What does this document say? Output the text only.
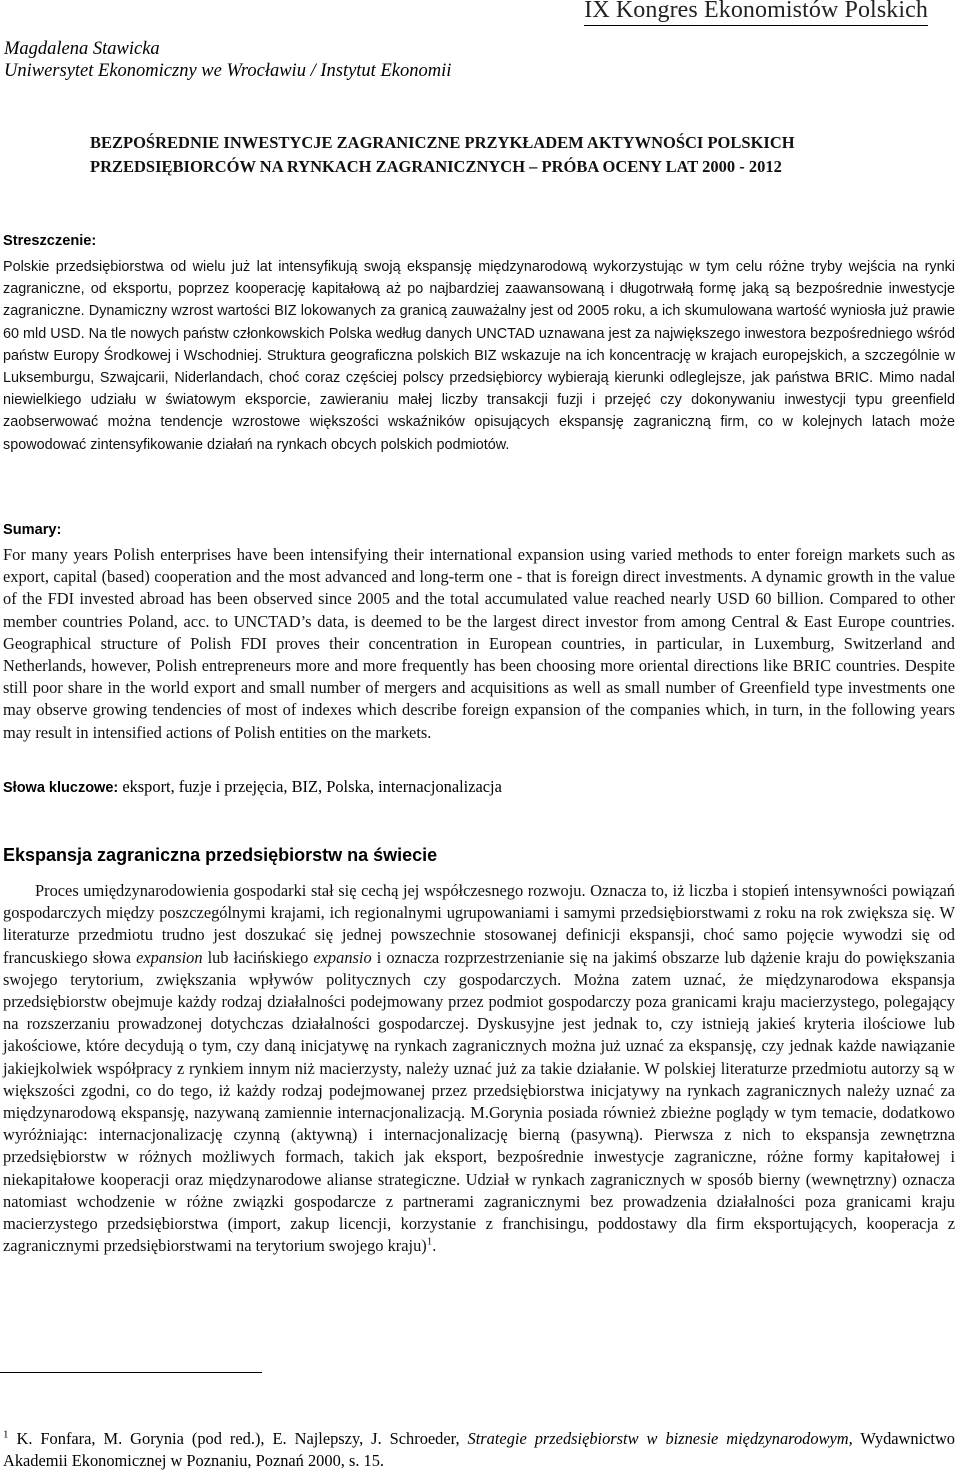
IX Kongres Ekonomistów Polskich
Magdalena Stawicka
Uniwersytet Ekonomiczny we Wrocławiu / Instytut Ekonomii
BEZPOŚREDNIE INWESTYCJE ZAGRANICZNE PRZYKŁADEM AKTYWNOŚCI POLSKICH
PRZEDSIĘBIORCÓW NA RYNKACH ZAGRANICZNYCH – PRÓBA OCENY LAT 2000 - 2012
Streszczenie:
Polskie przedsiębiorstwa od wielu już lat intensyfikują swoją ekspansję międzynarodową wykorzystując w tym celu różne tryby wejścia na rynki zagraniczne, od eksportu, poprzez kooperację kapitałową aż po najbardziej zaawansowaną i długotrwałą formę jaką są bezpośrednie inwestycje zagraniczne. Dynamiczny wzrost wartości BIZ lokowanych za granicą zauważalny jest od 2005 roku, a ich skumulowana wartość wyniosła już prawie 60 mld USD. Na tle nowych państw członkowskich Polska według danych UNCTAD uznawana jest za największego inwestora bezpośredniego wśród państw Europy Środkowej i Wschodniej. Struktura geograficzna polskich BIZ wskazuje na ich koncentrację w krajach europejskich, a szczególnie w Luksemburgu, Szwajcarii, Niderlandach, choć coraz częściej polscy przedsiębiorcy wybierają kierunki odleglejsze, jak państwa BRIC. Mimo nadal niewielkiego udziału w światowym eksporcie, zawieraniu małej liczby transakcji fuzji i przejęć czy dokonywaniu inwestycji typu greenfield zaobserwować można tendencje wzrostowe większości wskaźników opisujących ekspansję zagraniczną firm, co w kolejnych latach może spowodować zintensyfikowanie działań na rynkach obcych polskich podmiotów.
Sumary:
For many years Polish enterprises have been intensifying their international expansion using varied methods to enter foreign markets such as export, capital (based) cooperation and the most advanced and long-term one - that is foreign direct investments. A dynamic growth in the value of the FDI invested abroad has been observed since 2005 and the total accumulated value reached nearly USD 60 billion. Compared to other member countries Poland, acc. to UNCTAD’s data, is deemed to be the largest direct investor from among Central & East Europe countries. Geographical structure of Polish FDI proves their concentration in European countries, in particular, in Luxemburg, Switzerland and Netherlands, however, Polish entrepreneurs more and more frequently has been choosing more oriental directions like BRIC countries. Despite still poor share in the world export and small number of mergers and acquisitions as well as small number of Greenfield type investments one may observe growing tendencies of most of indexes which describe foreign expansion of the companies which, in turn, in the following years may result in intensified actions of Polish entities on the markets.
Słowa kluczowe: eksport, fuzje i przejęcia, BIZ, Polska, internacjonalizacja
Ekspansja zagraniczna przedsiębiorstw na świecie
Proces umiędzynarodowienia gospodarki stał się cechą jej współczesnego rozwoju. Oznacza to, iż liczba i stopień intensywności powiązań gospodarczych między poszczególnymi krajami, ich regionalnymi ugrupowaniami i samymi przedsiębiorstwami z roku na rok zwiększa się. W literaturze przedmiotu trudno jest doszukać się jednej powszechnie stosowanej definicji ekspansji, choć samo pojęcie wywodzi się od francuskiego słowa expansion lub łacińskiego expansio i oznacza rozprzestrzenianie się na jakimś obszarze lub dążenie kraju do powiększania swojego terytorium, zwiększania wpływów politycznych czy gospodarczych. Można zatem uznać, że międzynarodowa ekspansja przedsiębiorstw obejmuje każdy rodzaj działalności podejmowany przez podmiot gospodarczy poza granicami kraju macierzystego, polegający na rozszerzaniu prowadzonej dotychczas działalności gospodarczej. Dyskusyjne jest jednak to, czy istnieją jakieś kryteria ilościowe lub jakościowe, które decydują o tym, czy daną inicjatywę na rynkach zagranicznych można już uznać za ekspansję, czy jednak każde nawiązanie jakiejkolwiek współpracy z rynkiem innym niż macierzysty, należy uznać już za takie działanie. W polskiej literaturze przedmiotu autorzy są w większości zgodni, co do tego, iż każdy rodzaj podejmowanej przez przedsiębiorstwa inicjatywy na rynkach zagranicznych należy uznać za międzynarodową ekspansję, nazywaną zamiennie internacjonalizacją. M.Gorynia posiada również zbieżne poglądy w tym temacie, dodatkowo wyróżniając: internacjonalizację czynną (aktywną) i internacjonalizację bierną (pasywną). Pierwsza z nich to ekspansja zewnętrzna przedsiębiorstw w różnych możliwych formach, takich jak eksport, bezpośrednie inwestycje zagraniczne, różne formy kapitałowej i niekapitałowe kooperacji oraz międzynarodowe alianse strategiczne. Udział w rynkach zagranicznych w sposób bierny (wewnętrzny) oznacza natomiast wchodzenie w różne związki gospodarcze z partnerami zagranicznymi bez prowadzenia działalności poza granicami kraju macierzystego przedsiębiorstwa (import, zakup licencji, korzystanie z franchisingu, poddostawy dla firm eksportujących, kooperacja z zagranicznymi przedsiębiorstwami na terytorium swojego kraju)$^1$.
$^1$ K. Fonfara, M. Gorynia (pod red.), E. Najlepszy, J. Schroeder, Strategie przedsiębiorstw w biznesie międzynarodowym, Wydawnictwo Akademii Ekonomicznej w Poznaniu, Poznań 2000, s. 15.
